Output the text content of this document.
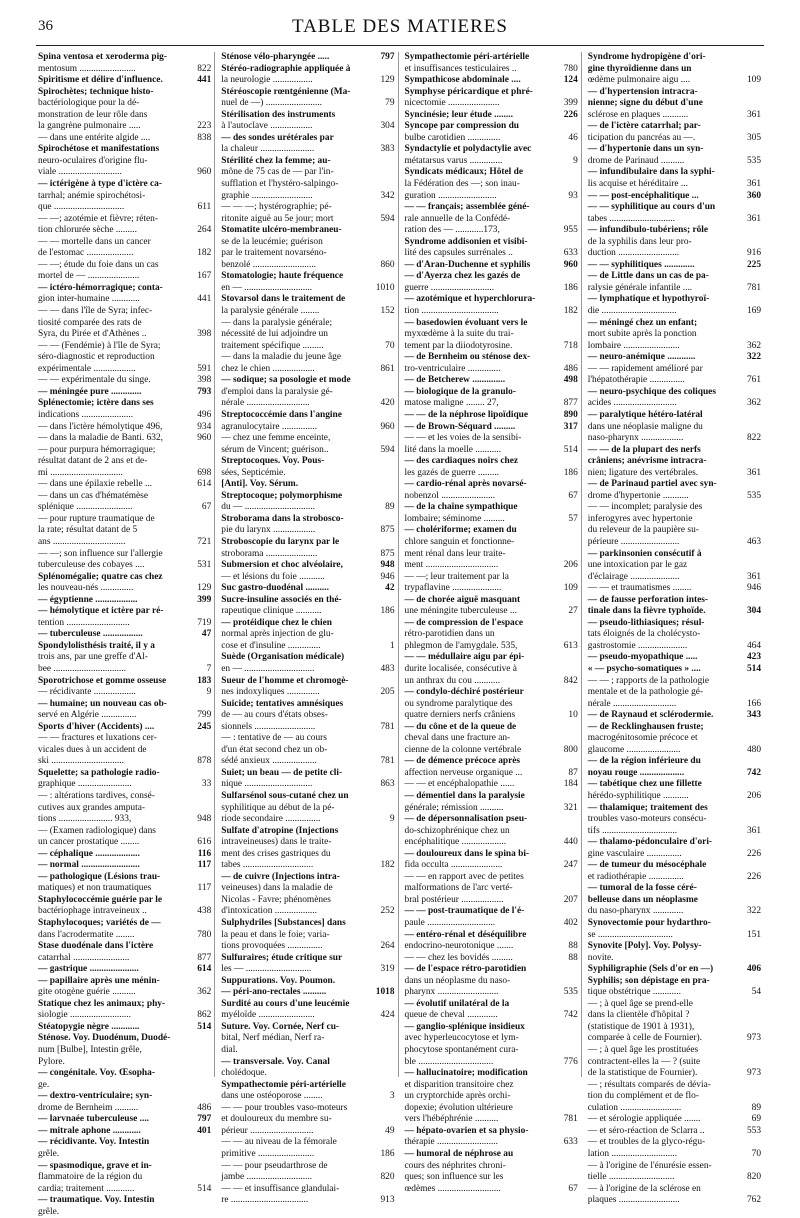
36	TABLE DES MATIERES
Spina ventosa et xeroderma pig-
mentosum ........................	822
Spiritisme et délire d'influence.	441
Spirochètes; technique histo-
bactériologique pour la dé-
monstration de leur rôle dans
la gangrène pulmonaire .....	223
— dans une entérite algide ....	838
Spirochétose et manifestations
neuro-oculaires d'origine flu-
viale ...........................	960
— ictérigène à type d'ictère ca-
tarrhal; anémie spirochétosi-
que ..............................	611
— —; azotémie et fièvre; réten-
tion chlorurée sèche .........	264
— — mortelle dans un cancer
de l'estomac ....................	182
— —; étude du foie dans un cas
mortel de — ......................	167
— ictéro-hémorragique; conta-
gion inter-humaine ............	441
— — dans l'île de Syra; infec-
tiosité comparée des rats de
Syra, du Pirée et d'Athènes ..	398
— — (Fendémie) à l'île de Syra;
séro-diagnostic et reproduction
expérimentale ..................	591
— — expérimentale du singe.	398
— méningée pure .............	793
Splénectomie; ictère dans ses
indications ......................	496
— dans l'ictère hémolytique 496,	934
— dans la maladie de Banti. 632,	960
— pour purpura hémorragique;
résultat datant de 2 ans et de-
mi ...............................	698
— dans une épilaxie rebelle ...	614
— dans un cas d'hématémèse
splénique ........................	67
— pour rupture traumatique de
la rate; résultat datant de 5
ans ...............................	721
— —; son influence sur l'allergie
tuberculeuse des cobayes ....	531
Splénomégalie; quatre cas chez
les nouveau-nés ..............	129
— égyptienne ..................	399
— hémolytique et ictère par ré-
tention ...........................	719
— tuberculeuse .................	47
Spondylolisthésis traité, il y a
trois ans, par une greffe d'Al-
bee ...............................	7
Sporotrichose et gomme osseuse	183
— récidivante ..................	9
— humaine; un nouveau cas ob-
servé en Algérie ...............	799
Sports d'hiver (Accidents) ....	245
— — fractures et luxations cer-
vicales dues à un accident de
ski ...............................	878
Squelette; sa pathologie radio-
graphique .......................	33
— : altérations tardives, consé-
cutives aux grandes amputa-
tions ....................... 933,	948
— (Examen radiologique) dans
un cancer prostatique ........	616
— céphalique ...................	116
— normal .........................	117
— pathologique (Lésions trau-
matiques) et non traumatiques	117
Staphylococcémie guérie par le
bactériophage intraveineux ..	438
Staphylocoques; variétés de —
dans l'acrodermatite ........	780
Stase duodénale dans l'ictère
catarrhal ........................	877
— gastrique .....................	614
— papillaire après une ménin-
gite otogène guérie ..........	362
Statique chez les animaux; phy-
siologie ..........................	862
Stéatopygie nègre ............	514
Sténose. Voy. Duodénum, Duodé-
num [Bulbe], Intestin grêle,
Pylore.
— congénitale. Voy. Œsopha-
ge.
— dextro-ventriculaire; syn-
drome de Bernheim ..........	486
— larvnaée tuberculeuse ....	797
— mitrale aphone ............	401
— récidivante. Voy. Intestin
grêle.
— spasmodique, grave et in-
flammatoire de la région du
cardia; traitement ............	514
— traumatique. Voy. Intestin
grêle.
Sténose vélo-pharyngée .....	797
Stéréo-radiographie appliquée à
la neurologie .................	129
Stéréoscopie rœntgénienne (Ma-
nuel de —) ........................	79
Stérilisation des instruments
à l'autoclave ..................	304
— des sondes urétérales par
la chaleur .......................	383
Stérilité chez la femme; au-
mône de 75 cas de — par l'in-
sufflation et l'hystéro-salpingo-
graphie ..........................	342
— — —; hystérographie; pé-
ritonite aiguë au 5e jour; mort	594
Stomatite ulcéro-membraneu-
se de la leucémie; guérison
par le traitement novarséno-
benzolé ...........................	860
Stomatologie; haute fréquence
en — .............................	1010
Stovarsol dans le traitement de
la paralysie générale ........	152
— dans la paralysie générale;
nécessité de lui adjoindre un
traitement spécifique .........	70
— dans la maladie du jeune âge
chez le chien ..................	861
— sodique; sa posologie et mode
d'emploi dans la paralysie gé-
nérale ...........................	420
Streptococcémie dans l'angine
agranulocytaire ...............	960
— chez une femme enceinte,
sérum de Vincent; guérison..	594
Streptocoques. Voy. Pous-
sées, Septicémie.
[Anti]. Voy. Sérum.
Streptocoque; polymorphisme
du — ..............................	89
Stroborama dans la strobosco-
pie du larynx ..................	875
Stroboscopie du larynx par le
stroborama ......................	875
Submersion et choc alvéolaire,	948
— et lésions du foie ...........	946
Suc gastro-duodénal ..........	42
Sucre-insuline associés en thé-
rapeutique clinique ...........	186
— protéidique chez le chien
normal après injection de glu-
cose et d'insuline ..............	1
Suède (Organisation médicale)
en — ..............................	483
Sueur de l'homme et chromogè-
nes indoxyliques ..............	205
Suicide; tentatives amnésiques
de — au cours d'états obses-
sionnels ..........................	781
— : tentative de — au cours
d'un état second chez un ob-
sédé anxieux ...................	781
Suiet; un beau — de petite cli-
nique .............................	863
Sulfarsénol sous-cutané chez un
syphilitique au début de la pé-
riode secondaire ...............	9
Sulfate d'atropine (Injections
intraveineuses) dans le traite-
ment des crises gastriques du
tabes ..............................	182
— de cuivre (Injections intra-
veineuses) dans la maladie de
Nicolas - Favre; phénomènes
d'intoxication ..................	252
Sulphydriles [Substances] dans
la peau et dans le foie; varia-
tions provoquées ...............	264
Sulfuraires; étude critique sur
les — ............................	319
Suppurations. Voy. Poumon.
— péri-ano-rectales ..........	1018
Surdité au cours d'une leucémie
myéloïde ........................	424
Suture. Voy. Cornée, Nerf cu-
bital, Nerf médian, Nerf ra-
dial.
— transversale. Voy. Canal
cholédoque.
Sympathectomie péri-artérielle
dans une ostéoporose ........	3
— — pour troubles vaso-moteurs
et douloureux du membre su-
périeur ...........................	49
— — au niveau de la fémorale
primitive ........................	186
— — pour pseudarthrose de
jambe ............................	820
— — et insuffisance glandulai-
re .................................	913
Sympathectomie péri-artérielle
et insuffisances testiculaires ..	780
Sympathicose abdominale ....	124
Symphyse péricardique et phré-
nicectomie ......................	399
Syncinésie; leur étude ........	226
Syncope par compression du
bulbe carotidien ..............	46
Syndactylie et polydactylie avec
métatarsus varus ..............	9
Syndicats médicaux; Hôtel de
la Fédération des —; son inau-
guration .........................	93
— — français; assemblée géné-
rale annuelle de la Confédé-
ration des — ............173,	955
Syndrome addisonien et visibi-
lité des capsules surrénales ..	633
— d'Aran-Duchenne et syphilis	960
— d'Ayerza chez les gazés de
guerre ...........................	186
— azotémique et hyperchlorura-
tion .................................	182
— basedowien évoluant vers le
myxœdème à la suite du trai-
tement par la diiodotyrosine.	718
— de Bernheim ou sténose dex-
tro-ventriculaire ..............	486
— de Betcherew ..............	498
— biologique de la granulo-
matose maligne ........ 27,	877
— — de la néphrose lipoïdique	890
— de Brown-Séquard .........	317
— — et les voies de la sensibi-
lité dans la moelle ...........	514
— des cardiaques noirs chez
les gazés de guerre .........	186
— cardio-rénal après novarsé-
nobenzol .......................	67
— de la chaîne sympathique
lombaire; séminome .........	57
— cholériforme; examen du
chlore sanguin et fonctionne-
ment rénal dans leur traite-
ment ...............................	206
— —; leur traitement par la
trypaflavine .....................	109
— de chorée aiguë masquant
une méningite tuberculeuse ...	27
— de compression de l'espace
rétro-parotidien dans un
phlegmon de l'amygdale. 535,	613
— — médullaire aigu par épi-
durite localisée, consécutive à
un anthrax du cou ...........	842
— condylo-déchiré postérieur
ou syndrome paralytique des
quatre derniers nerfs crâniens	10
— du cône et de la queue de
cheval dans une fracture an-
cienne de la colonne vertébrale	800
— de démence précoce après
affection nerveuse organique ...	87
— — et encéphalopathie ......	184
— démentiel dans la paralysie
générale; rémission ..........	321
— de dépersonnalisation pseu-
do-schizophrénique chez un
encéphalitique ...................	440
— douloureux dans le spina bi-
fida occulta ......................	247
— — en rapport avec de petites
malformations de l'arc verté-
bral postérieur ..................	207
— — post-traumatique de l'é-
paule .............................	402
— entéro-rénal et déséquilibre
endocrino-neurotonique .......	88
— — chez les bovidés .........	88
— de l'espace rétro-parotidien
dans un néoplasme du naso-
pharynx ..........................	535
— évolutif unilatéral de la
queue de cheval .............	742
— ganglio-splénique insidieux
avec hyperleucocytose et lym-
phocytose spontanément cura-
ble ................................	776
— hallucinatoire; modification
et disparition transitoire chez
un cryptorchide après orchi-
dopexie; évolution ultérieure
vers l'hébéphrénie ..........	781
— hépato-ovarien et sa physio-
thérapie ..........................	633
— humoral de néphrose au
cours des néphrites chroni-
ques; son influence sur les
œdèmes ...........................	67
Syndrome hydropigène d'ori-
gine thyroïdienne dans un
œdème pulmonaire aigu ....	109
— d'hypertension intracra-
nienne; signe du début d'une
sclérose en plaques ...........	361
— de l'ictère catarrhal; par-
ticipation du pancréas au —.	305
— d'hypertonie dans un syn-
drome de Parinaud ..........	535
— infundibulaire dans la syphi-
lis acquise et héréditaire ...	361
— — post-encéphalitique ...	360
— — syphilitique au cours d'un
tabes ............................	361
— infundibulo-tubériens; rôle
de la syphilis dans leur pro-
duction ..........................	916
— — syphilitiques .............	225
— de Little dans un cas de pa-
ralysie générale infantile ....	781
— lymphatique et hypothyroï-
die ................................	169
— méningé chez un enfant;
mort subite après la ponction
lombaire ........................	362
— neuro-anémique ............	322
— — rapidement amélioré par
l'hépatothérapie ...............	761
— neuro-psychique des coliques
acides ...........................	362
— paralytique hétéro-latéral
dans une néoplasie maligne du
naso-pharynx ..................	822
— — de la plupart des nerfs
crâniens; anévrisme intracra-
nien; ligature des vertébrales.	361
— de Parinaud partiel avec syn-
drome d'hypertonie ...........	535
— — incomplet; paralysie des
inferogyres avec hypertonie
du releveur de la paupière su-
périeure .........................	463
— parkinsonien consécutif à
une intoxication par le gaz
d'éclairage .....................	361
— — et traumatismes ........	946
— de fausse perforation intes-
tinale dans la fièvre typhoïde.	304
— pseudo-lithiasiques; résul-
tats éloignés de la cholécysto-
gastrostomie .....................	464
— pseudo-myopathique .....	423
« — psycho-somatiques » ....	514
— — ; rapports de la pathologie
mentale et de la pathologie gé-
nérale ...........................	166
— de Raynaud et sclérodermie.	343
— de Recklinghausen fruste;
macrogénitosomie précoce et
glaucome .......................	480
— de la région inférieure du
noyau rouge ...................	742
— tabétique chez une fillette
hérédo-syphilitique ...........	206
— thalamique; traitement des
troubles vaso-moteurs consécu-
tifs ................................	361
— thalamo-pédonculaire d'ori-
gine vasculaire ...............	226
— de tumeur du mésocéphale
et radiothérapie ...............	226
— tumoral de la fosse céré-
belleuse dans un néoplasme
du naso-pharynx .............	322
Synovectomie pour hydarthro-
se ................................	151
Synovite [Poly]. Voy. Polysy-
novite.
Syphiligraphie (Sels d'or en —)	406
Syphilis; son dépistage en pra-
tique obstétrique ............	54
— ; à quel âge se prend-elle
dans la clientèle d'hôpital ?
(statistique de 1901 à 1931),
comparée à celle de Fournier).	973
— ; à quel âge les prostituées
contractent-elles la — ? (suite
de la statistique de Fournier).	973
— ; résultats comparés de dévia-
tion du complément et de flo-
culation ..........................	89
— et sérologie appliquée .......	69
— et séro-réaction de Sclarra ..	553
— et troubles de la glyco-régu-
lation ............................	70
— à l'origine de l'énurésie essen-
tielle ............................	820
— à l'origine de la sclérose en
plaques ..........................	762
